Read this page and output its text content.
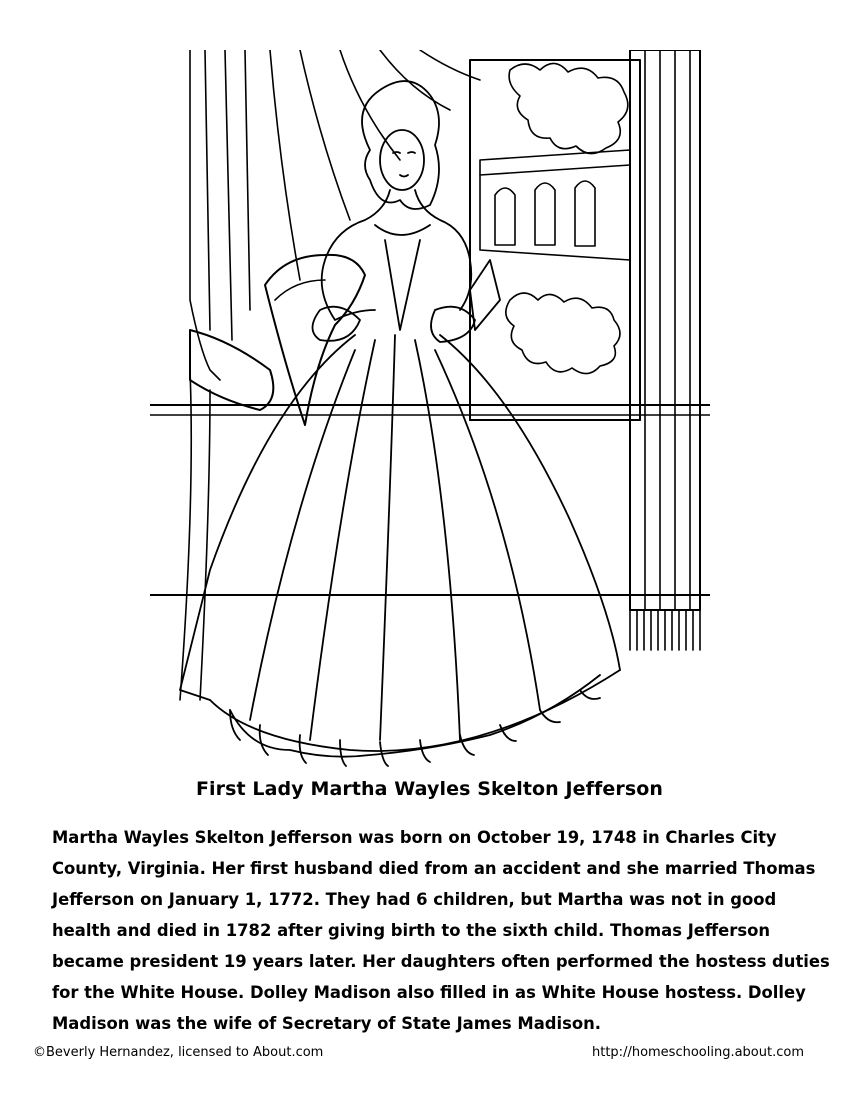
First Lady Martha Wayles Skelton Jefferson

Martha Wayles Skelton Jefferson was born on October 19, 1748 in Charles City County, Virginia. Her first husband died from an accident and she married Thomas Jefferson on January 1, 1772. They had 6 children, but Martha was not in good health and died in 1782 after giving birth to the sixth child. Thomas Jefferson became president 19 years later. Her daughters often performed the hostess duties for the White House. Dolley Madison also filled in as White House hostess. Dolley Madison was the wife of Secretary of State James Madison.

©Beverly Hernandez, licensed to About.com	http://homeschooling.about.com
